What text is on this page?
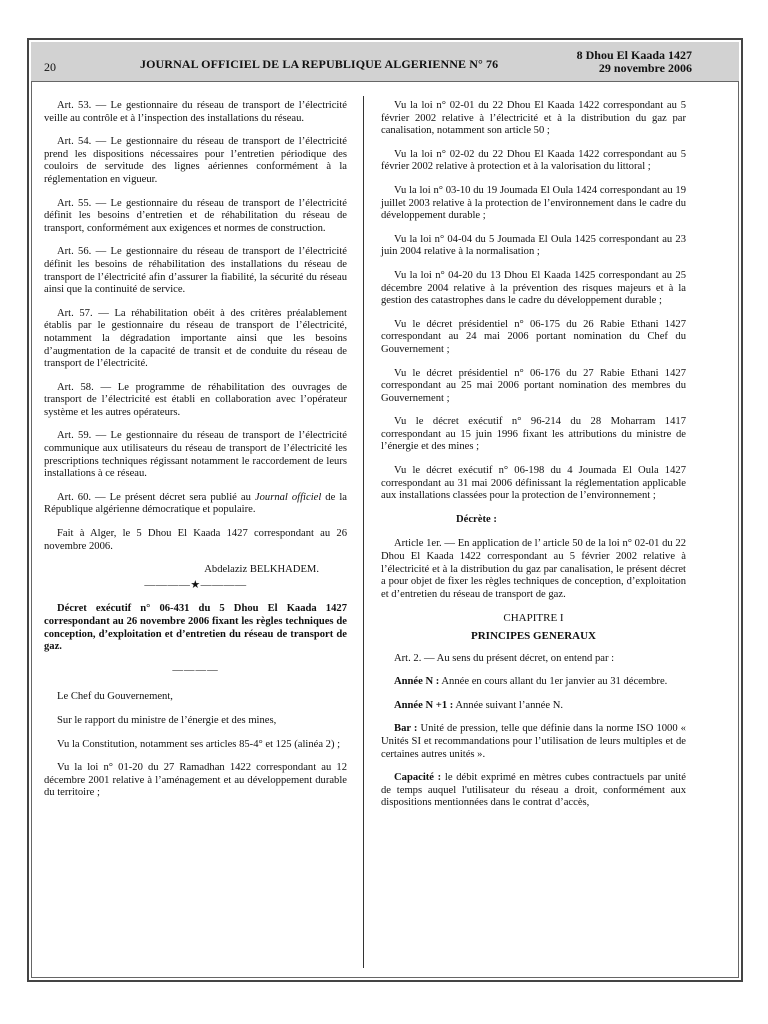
20	JOURNAL OFFICIEL DE LA REPUBLIQUE ALGERIENNE N° 76
8 Dhou El Kaada 1427
29 novembre 2006

Art. 53. — Le gestionnaire du réseau de transport de l’électricité veille au contrôle et à l’inspection des installations du réseau.

Art. 54. — Le gestionnaire du réseau de transport de l’électricité prend les dispositions nécessaires pour l’entretien périodique des couloirs de servitude des lignes aériennes conformément à la réglementation en vigueur.

Art. 55. — Le gestionnaire du réseau de transport de l’électricité définit les besoins d’entretien et de réhabilitation du réseau de transport, conformément aux exigences et normes de construction.

Art. 56. — Le gestionnaire du réseau de transport de l’électricité définit les besoins de réhabilitation des installations du réseau de transport de l’électricité afin d’assurer la fiabilité, la sécurité du réseau ainsi que la continuité de service.

Art. 57. — La réhabilitation obéit à des critères préalablement établis par le gestionnaire du réseau de transport de l’électricité, notamment la dégradation importante ainsi que les besoins d’augmentation de la capacité de transit et de conduite du réseau de transport de l’électricité.

Art. 58. — Le programme de réhabilitation des ouvrages de transport de l’électricité est établi en collaboration avec l’opérateur système et les autres opérateurs.

Art. 59. — Le gestionnaire du réseau de transport de l’électricité communique aux utilisateurs du réseau de transport de l’électricité les prescriptions techniques régissant notamment le raccordement de leurs installations à ce réseau.

Art. 60. — Le présent décret sera publié au Journal officiel de la République algérienne démocratique et populaire.

Fait à Alger, le 5 Dhou El Kaada 1427 correspondant au 26 novembre 2006.

Abdelaziz BELKHADEM.

————★————

Décret exécutif n° 06-431 du 5 Dhou El Kaada 1427 correspondant au 26 novembre 2006 fixant les règles techniques de conception, d’exploitation et d’entretien du réseau de transport de gaz.

————

Le Chef du Gouvernement,

Sur le rapport du ministre de l’énergie et des mines,

Vu la Constitution, notamment ses articles 85-4° et 125 (alinéa 2) ;

Vu la loi n° 01-20 du 27 Ramadhan 1422 correspondant au 12 décembre 2001 relative à l’aménagement et au développement durable du territoire ;

Vu la loi n° 02-01 du 22 Dhou El Kaada 1422 correspondant au 5 février 2002 relative à l’électricité et à la distribution du gaz par canalisation, notamment son article 50 ;

Vu la loi n° 02-02 du 22 Dhou El Kaada 1422 correspondant au 5 février 2002 relative à protection et à la valorisation du littoral ;

Vu la loi n° 03-10 du 19 Joumada El Oula 1424 correspondant au 19 juillet 2003 relative à la protection de l’environnement dans le cadre du développement durable ;

Vu la loi n° 04-04 du 5 Joumada El Oula 1425 correspondant au 23 juin 2004 relative à la normalisation ;

Vu la loi n° 04-20 du 13 Dhou El Kaada 1425 correspondant au 25 décembre 2004 relative à la prévention des risques majeurs et à la gestion des catastrophes dans le cadre du développement durable ;

Vu le décret présidentiel n° 06-175 du 26 Rabie Ethani 1427 correspondant au 24 mai 2006 portant nomination du Chef du Gouvernement ;

Vu le décret présidentiel n° 06-176 du 27 Rabie Ethani 1427 correspondant au 25 mai 2006 portant nomination des membres du Gouvernement ;

Vu le décret exécutif n° 96-214 du 28 Moharram 1417 correspondant au 15 juin 1996 fixant les attributions du ministre de l’énergie et des mines ;

Vu le décret exécutif n° 06-198 du 4 Joumada El Oula 1427 correspondant au 31 mai 2006 définissant la réglementation applicable aux installations classées pour la protection de l’environnement ;

Décrète :

Article 1er. — En application de l’ article 50 de la loi n° 02-01 du 22 Dhou El Kaada 1422 correspondant au 5 février 2002 relative à l’électricité et à la distribution du gaz par canalisation, le présent décret a pour objet de fixer les règles techniques de conception, d’exploitation et d’entretien du réseau de transport de gaz.

CHAPITRE I

PRINCIPES GENERAUX

Art. 2. — Au sens du présent décret, on entend par :

Année N : Année en cours allant du 1er janvier au 31 décembre.

Année N +1 : Année suivant l’année N.

Bar : Unité de pression, telle que définie dans la norme ISO 1000 « Unités SI et recommandations pour l’utilisation de leurs multiples et de certaines autres unités ».

Capacité : le débit exprimé en mètres cubes contractuels par unité de temps auquel l'utilisateur du réseau a droit, conformément aux dispositions mentionnées dans le contrat d’accès,
